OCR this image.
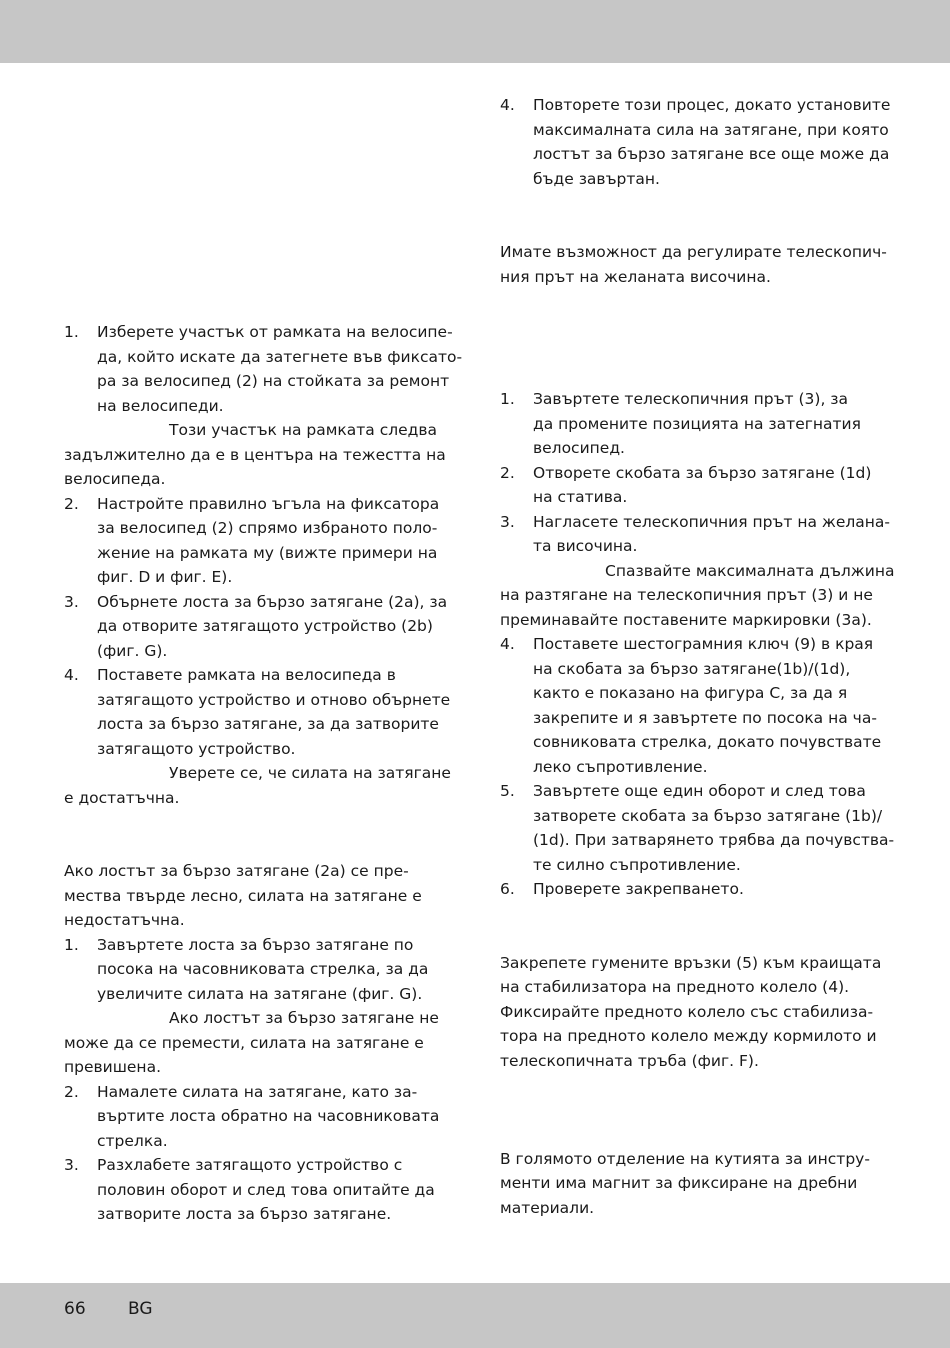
1. Изберете участък от рамката на велосипе-
да, който искате да затегнете във фиксато-
ра за велосипед (2) на стойката за ремонт
на велосипеди.
Този участък на рамката следва
задължително да е в центъра на тежестта на
велосипеда.
2. Настройте правилно ъгъла на фиксатора
за велосипед (2) спрямо избраното поло-
жение на рамката му (вижте примери на
фиг. D и фиг. E).
3. Обърнете лоста за бързо затягане (2a), за
да отворите затягащото устройство (2b)
(фиг. G).
4. Поставете рамката на велосипеда в
затягащото устройство и отново обърнете
лоста за бързо затягане, за да затворите
затягащото устройство.
Уверете се, че силата на затягане
е достатъчна.
Ако лостът за бързо затягане (2a) се пре-
мества твърде лесно, силата на затягане е
недостатъчна.
1. Завъртете лоста за бързо затягане по
посока на часовниковата стрелка, за да
увеличите силата на затягане (фиг. G).
Ако лостът за бързо затягане не
може да се премести, силата на затягане е
превишена.
2. Намалете силата на затягане, като за-
въртите лоста обратно на часовниковата
стрелка.
3. Разхлабете затягащото устройство с
половин оборот и след това опитайте да
затворите лоста за бързо затягане.
4. Повторете този процес, докато установите
максималната сила на затягане, при която
лостът за бързо затягане все още може да
бъде завъртан.
Имате възможност да регулирате телескопич-
ния прът на желаната височина.
1. Завъртете телескопичния прът (3), за
да промените позицията на затегнатия
велосипед.
2. Отворете скобата за бързо затягане (1d)
на статива.
3. Нагласете телескопичния прът на желана-
та височина.
Спазвайте максималната дължина
на разтягане на телескопичния прът (3) и не
преминавайте поставените маркировки (3a).
4. Поставете шестограмния ключ (9) в края
на скобата за бързо затягане(1b)/(1d),
както е показано на фигура C, за да я
закрепите и я завъртете по посока на ча-
совниковата стрелка, докато почувствате
леко съпротивление.
5. Завъртете още един оборот и след това
затворете скобата за бързо затягане (1b)/
(1d). При затварянето трябва да почувства-
те силно съпротивление.
6. Проверете закрепването.
Закрепете гумените връзки (5) към краищата
на стабилизатора на предното колело (4).
Фиксирайте предното колело със стабилиза-
тора на предното колело между кормилото и
телескопичната тръба (фиг. F).
В голямото отделение на кутията за инстру-
менти има магнит за фиксиране на дребни
материали.
66 BG
